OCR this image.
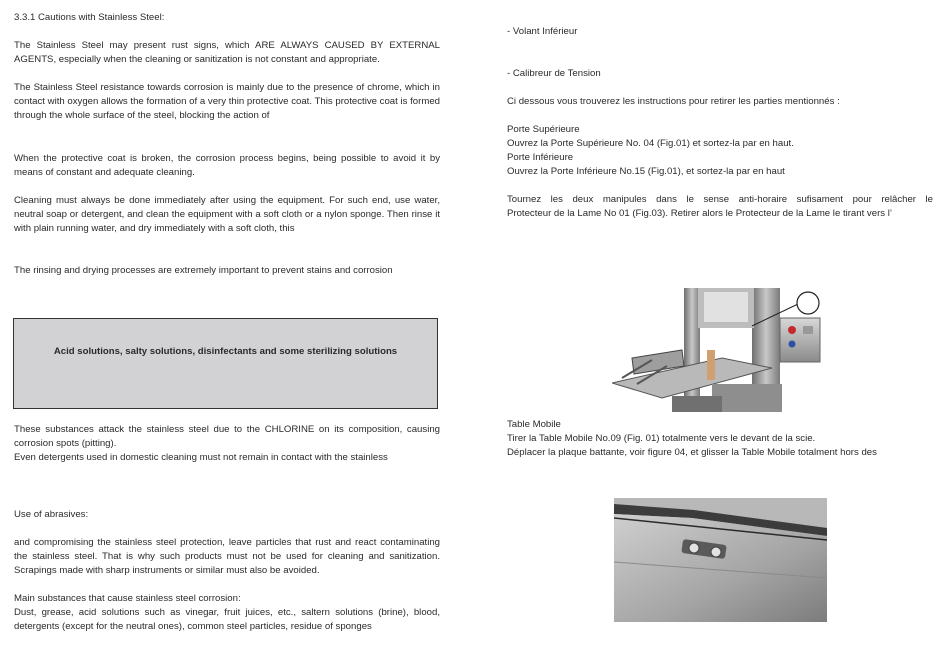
3.3.1 Cautions with Stainless Steel:

The Stainless Steel may present rust signs, which ARE ALWAYS CAUSED BY EXTERNAL AGENTS, especially when the cleaning or sanitization is not constant and appropriate.

The Stainless Steel resistance towards corrosion is mainly due to the presence of chrome, which in contact with oxygen allows the formation of a very thin protective coat. This protective coat is formed through the whole surface of the steel, blocking the action of

When the protective coat is broken, the corrosion process begins, being possible to avoid it by means of constant and adequate cleaning.

Cleaning must always be done immediately after using the equipment. For such end, use water, neutral soap or detergent, and clean the equipment with a soft cloth or a nylon sponge. Then rinse it with plain running water, and dry immediately with a soft cloth, this

The rinsing and drying processes are extremely important to prevent stains and corrosion

Acid solutions, salty solutions, disinfectants and some sterilizing solutions

These substances attack the stainless steel due to the CHLORINE on its composition, causing corrosion spots (pitting).

Even detergents used in domestic cleaning must not remain in contact with the stainless

Use of abrasives:

and compromising the stainless steel protection, leave particles that rust and react contaminating the stainless steel. That is why such products must not be used for cleaning and sanitization. Scrapings made with sharp instruments or similar must also be avoided.

Main substances that cause stainless steel corrosion:

Dust, grease, acid solutions such as vinegar, fruit juices, etc., saltern solutions (brine), blood, detergents (except for the neutral ones), common steel particles, residue of sponges

- Volant Inférieur

- Calibreur de Tension

Ci dessous vous trouverez les instructions pour retirer les parties mentionnés :

Porte Supérieure

Ouvrez la Porte Supérieure No. 04 (Fig.01) et sortez-la par en haut.

Porte Inférieure

Ouvrez la Porte Inférieure No.15 (Fig.01), et sortez-la par en haut

Tournez les deux manipules dans le sense anti-horaire sufisament pour relâcher le

Protecteur de la Lame No 01 (Fig.03). Retirer alors le Protecteur de la Lame le tirant vers l’

Table Mobile

Tirer la Table Mobile No.09 (Fig. 01) totalmente vers le devant de la scie.

Déplacer la plaque battante, voir figure 04, et glisser la Table Mobile totalment hors des
